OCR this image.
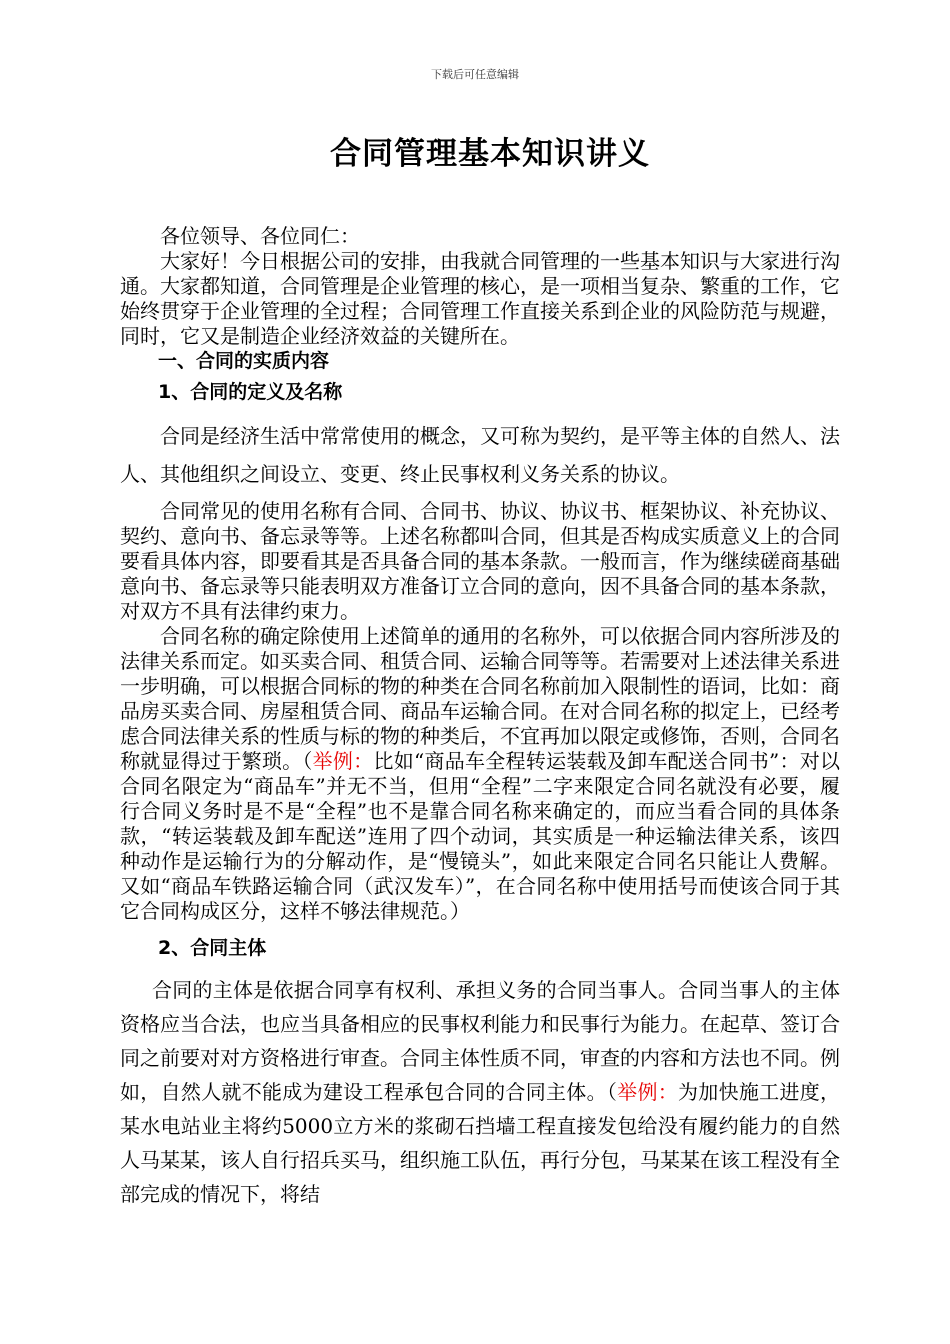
下载后可任意编辑
合同管理基本知识讲义

各位领导、各位同仁：

大家好！今日根据公司的安排，由我就合同管理的一些基本知识与大家进行沟通。大家都知道，合同管理是企业管理的核心，是一项相当复杂、繁重的工作，它始终贯穿于企业管理的全过程；合同管理工作直接关系到企业的风险防范与规避，同时，它又是制造企业经济效益的关键所在。

一、合同的实质内容

1、合同的定义及名称

合同是经济生活中常常使用的概念，又可称为契约，是平等主体的自然人、法人、其他组织之间设立、变更、终止民事权利义务关系的协议。

合同常见的使用名称有合同、合同书、协议、协议书、框架协议、补充协议、契约、意向书、备忘录等等。上述名称都叫合同，但其是否构成实质意义上的合同要看具体内容，即要看其是否具备合同的基本条款。一般而言，作为继续磋商基础意向书、备忘录等只能表明双方准备订立合同的意向，因不具备合同的基本条款，对双方不具有法律约束力。

合同名称的确定除使用上述简单的通用的名称外，可以依据合同内容所涉及的法律关系而定。如买卖合同、租赁合同、运输合同等等。若需要对上述法律关系进一步明确，可以根据合同标的物的种类在合同名称前加入限制性的语词，比如：商品房买卖合同、房屋租赁合同、商品车运输合同。在对合同名称的拟定上，已经考虑合同法律关系的性质与标的物的种类后，不宜再加以限定或修饰，否则，合同名称就显得过于繁琐。（举例：比如“商品车全程转运装载及卸车配送合同书”：对以合同名限定为“商品车”并无不当，但用“全程”二字来限定合同名就没有必要，履行合同义务时是不是“全程”也不是靠合同名称来确定的，而应当看合同的具体条款，“转运装载及卸车配送”连用了四个动词，其实质是一种运输法律关系，该四种动作是运输行为的分解动作，是“慢镜头”，如此来限定合同名只能让人费解。又如“商品车铁路运输合同（武汉发车）”，在合同名称中使用括号而使该合同于其它合同构成区分，这样不够法律规范。）

2、合同主体

合同的主体是依据合同享有权利、承担义务的合同当事人。合同当事人的主体资格应当合法，也应当具备相应的民事权利能力和民事行为能力。在起草、签订合同之前要对对方资格进行审查。合同主体性质不同，审查的内容和方法也不同。例如，自然人就不能成为建设工程承包合同的合同主体。（举例：为加快施工进度，某水电站业主将约5000立方米的浆砌石挡墙工程直接发包给没有履约能力的自然人马某某，该人自行招兵买马，组织施工队伍，再行分包，马某某在该工程没有全部完成的情况下，将结
